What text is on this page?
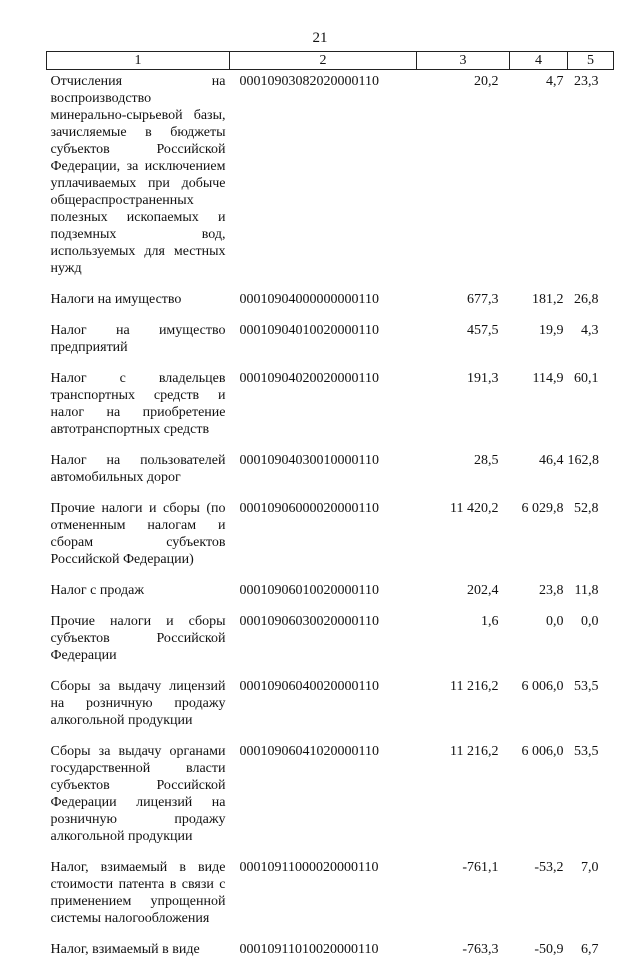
21
1	2	3	4	5
Отчисления на воспроизводство минерально-сырьевой базы, зачисляемые в бюджеты субъектов Российской Федерации, за исключением уплачиваемых при добыче общераспространенных полезных ископаемых и подземных вод, используемых для местных нужд	00010903082020000110	20,2	4,7	23,3
Налоги на имущество	00010904000000000110	677,3	181,2	26,8
Налог на имущество предприятий	00010904010020000110	457,5	19,9	4,3
Налог с владельцев транспортных средств и налог на приобретение автотранспортных средств	00010904020020000110	191,3	114,9	60,1
Налог на пользователей автомобильных дорог	00010904030010000110	28,5	46,4	162,8
Прочие налоги и сборы (по отмененным налогам и сборам субъектов Российской Федерации)	00010906000020000110	11 420,2	6 029,8	52,8
Налог с продаж	00010906010020000110	202,4	23,8	11,8
Прочие налоги и сборы субъектов Российской Федерации	00010906030020000110	1,6	0,0	0,0
Сборы за выдачу лицензий на розничную продажу алкогольной продукции	00010906040020000110	11 216,2	6 006,0	53,5
Сборы за выдачу органами государственной власти субъектов Российской Федерации лицензий на розничную продажу алкогольной продукции	00010906041020000110	11 216,2	6 006,0	53,5
Налог, взимаемый в виде стоимости патента в связи с применением упрощенной системы налогообложения	00010911000020000110	-761,1	-53,2	7,0
Налог, взимаемый в виде	00010911010020000110	-763,3	-50,9	6,7
